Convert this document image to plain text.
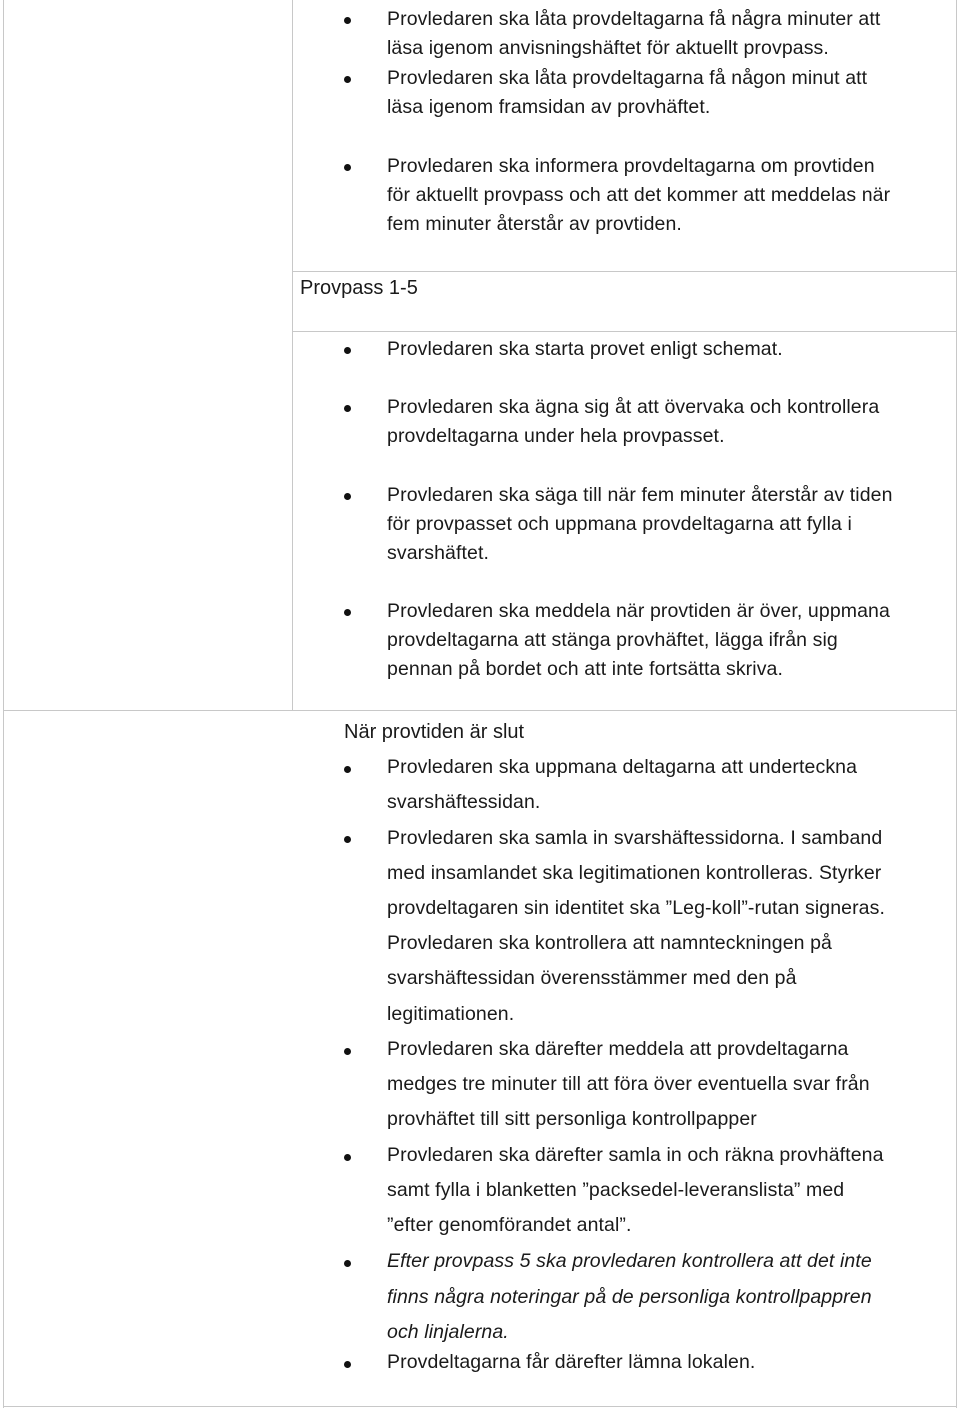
Provledaren ska låta provdeltagarna få några minuter att

läsa igenom anvisningshäftet för aktuellt provpass.

Provledaren ska låta provdeltagarna få någon minut att

läsa igenom framsidan av provhäftet.

Provledaren ska informera provdeltagarna om provtiden

för aktuellt provpass och att det kommer att meddelas när

fem minuter återstår av provtiden.

Provpass 1-5

Provledaren ska starta provet enligt schemat.

Provledaren ska ägna sig åt att övervaka och kontrollera

provdeltagarna under hela provpasset.

Provledaren ska säga till när fem minuter återstår av tiden

för provpasset och uppmana provdeltagarna att fylla i

svarshäftet.

Provledaren ska meddela när provtiden är över, uppmana

provdeltagarna att stänga provhäftet, lägga ifrån sig

pennan på bordet och att inte fortsätta skriva.

När provtiden är slut

Provledaren ska uppmana deltagarna att underteckna

svarshäftessidan.

Provledaren ska samla in svarshäftessidorna. I samband

med insamlandet ska legitimationen kontrolleras. Styrker

provdeltagaren sin identitet ska ”Leg-koll”-rutan signeras.

Provledaren ska kontrollera att namnteckningen på

svarshäftessidan överensstämmer med den på

legitimationen.

Provledaren ska därefter meddela att provdeltagarna

medges tre minuter till att föra över eventuella svar från

provhäftet till sitt personliga kontrollpapper

Provledaren ska därefter samla in och räkna provhäftena

samt fylla i blanketten ”packsedel-leveranslista” med

”efter genomförandet antal”.

Efter provpass 5 ska provledaren kontrollera att det inte

finns några noteringar på de personliga kontrollpappren

och linjalerna.

Provdeltagarna får därefter lämna lokalen.
